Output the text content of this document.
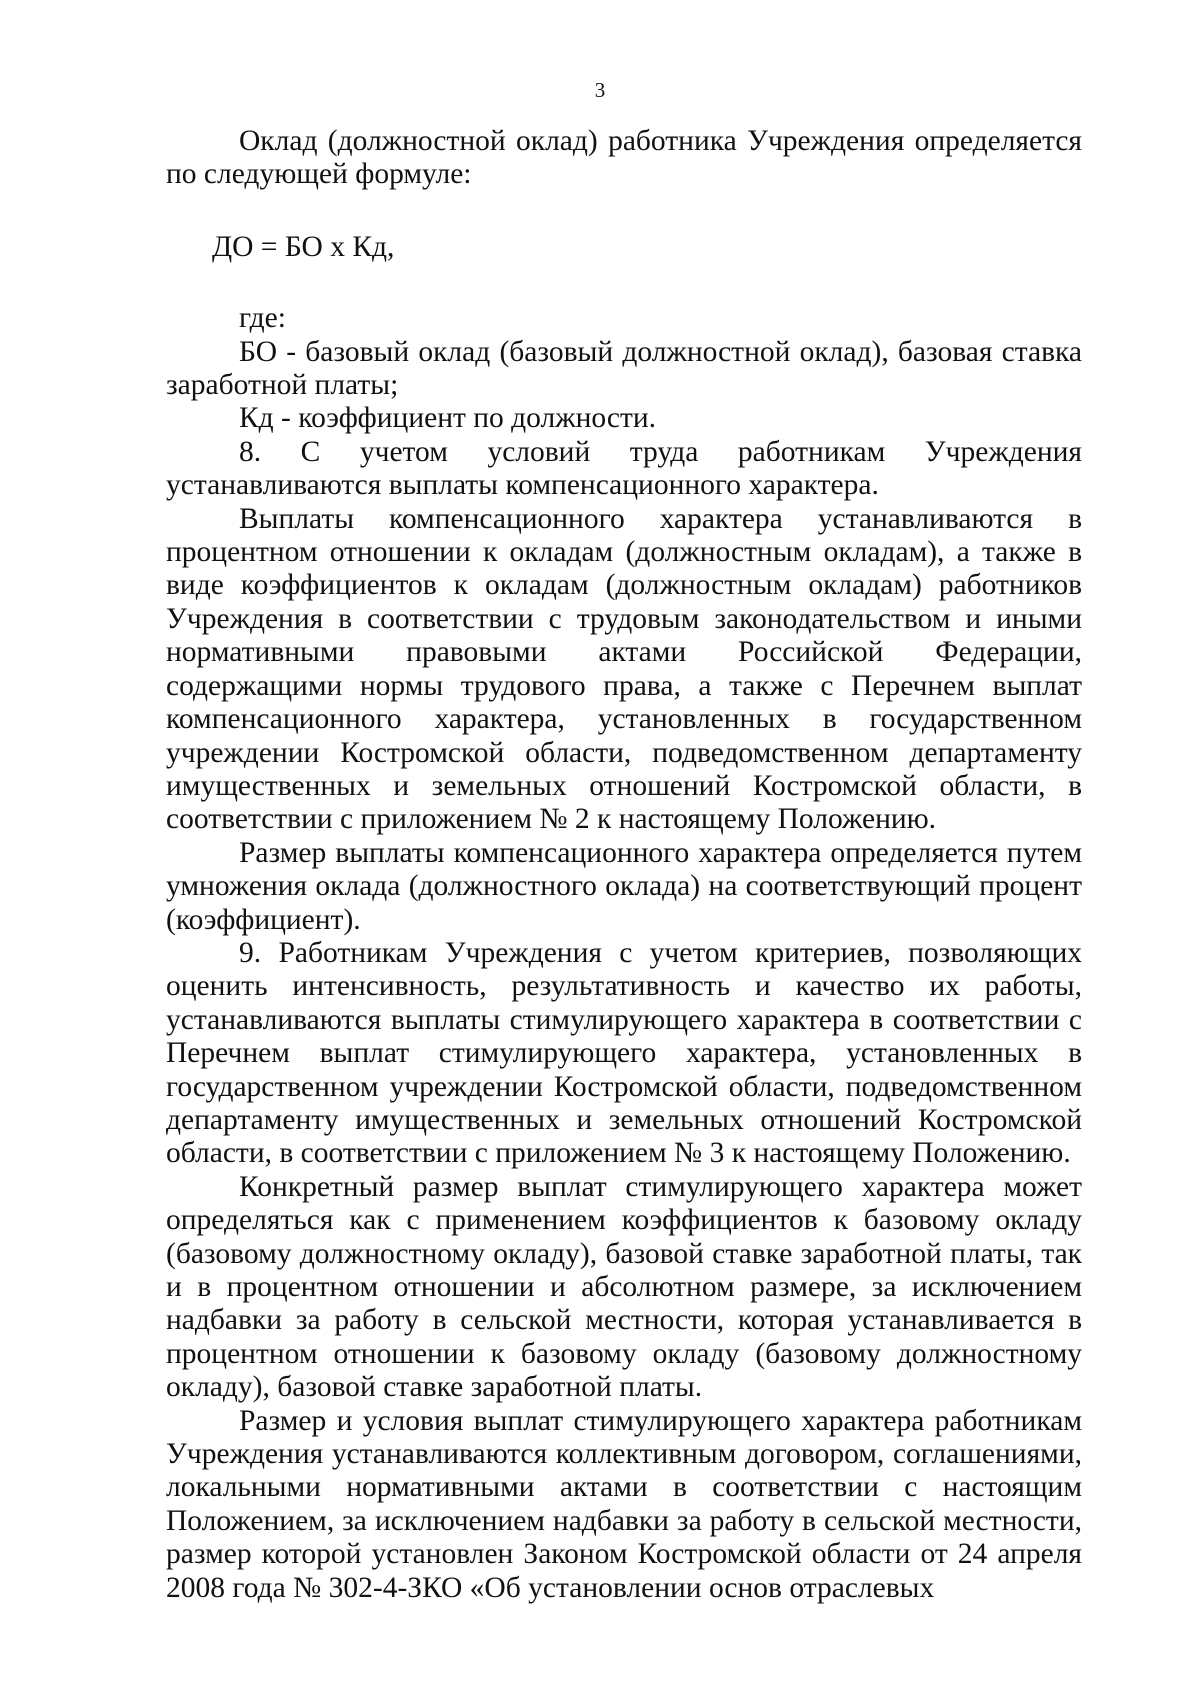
3

Оклад (должностной оклад) работника Учреждения определяется по следующей формуле:

ДО = БО х Кд,

где:

БО - базовый оклад (базовый должностной оклад), базовая ставка заработной платы;

Кд - коэффициент по должности.

8. С учетом условий труда работникам Учреждения устанавливаются выплаты компенсационного характера.

Выплаты компенсационного характера устанавливаются в процентном отношении к окладам (должностным окладам), а также в виде коэффициентов к окладам (должностным окладам) работников Учреждения в соответствии с трудовым законодательством и иными нормативными правовыми актами Российской Федерации, содержащими нормы трудового права, а также с Перечнем выплат компенсационного характера, установленных в государственном учреждении Костромской области, подведомственном департаменту имущественных и земельных отношений Костромской области, в соответствии с приложением № 2 к настоящему Положению.

Размер выплаты компенсационного характера определяется путем умножения оклада (должностного оклада) на соответствующий процент (коэффициент).

9. Работникам Учреждения с учетом критериев, позволяющих оценить интенсивность, результативность и качество их работы, устанавливаются выплаты стимулирующего характера в соответствии с Перечнем выплат стимулирующего характера, установленных в государственном учреждении Костромской области, подведомственном департаменту имущественных и земельных отношений Костромской области, в соответствии с приложением № 3 к настоящему Положению.

Конкретный размер выплат стимулирующего характера может определяться как с применением коэффициентов к базовому окладу (базовому должностному окладу), базовой ставке заработной платы, так и в процентном отношении и абсолютном размере, за исключением надбавки за работу в сельской местности, которая устанавливается в процентном отношении к базовому окладу (базовому должностному окладу), базовой ставке заработной платы.

Размер и условия выплат стимулирующего характера работникам Учреждения устанавливаются коллективным договором, соглашениями, локальными нормативными актами в соответствии с настоящим Положением, за исключением надбавки за работу в сельской местности, размер которой установлен Законом Костромской области от 24 апреля 2008 года № 302-4-ЗКО «Об установлении основ отраслевых
